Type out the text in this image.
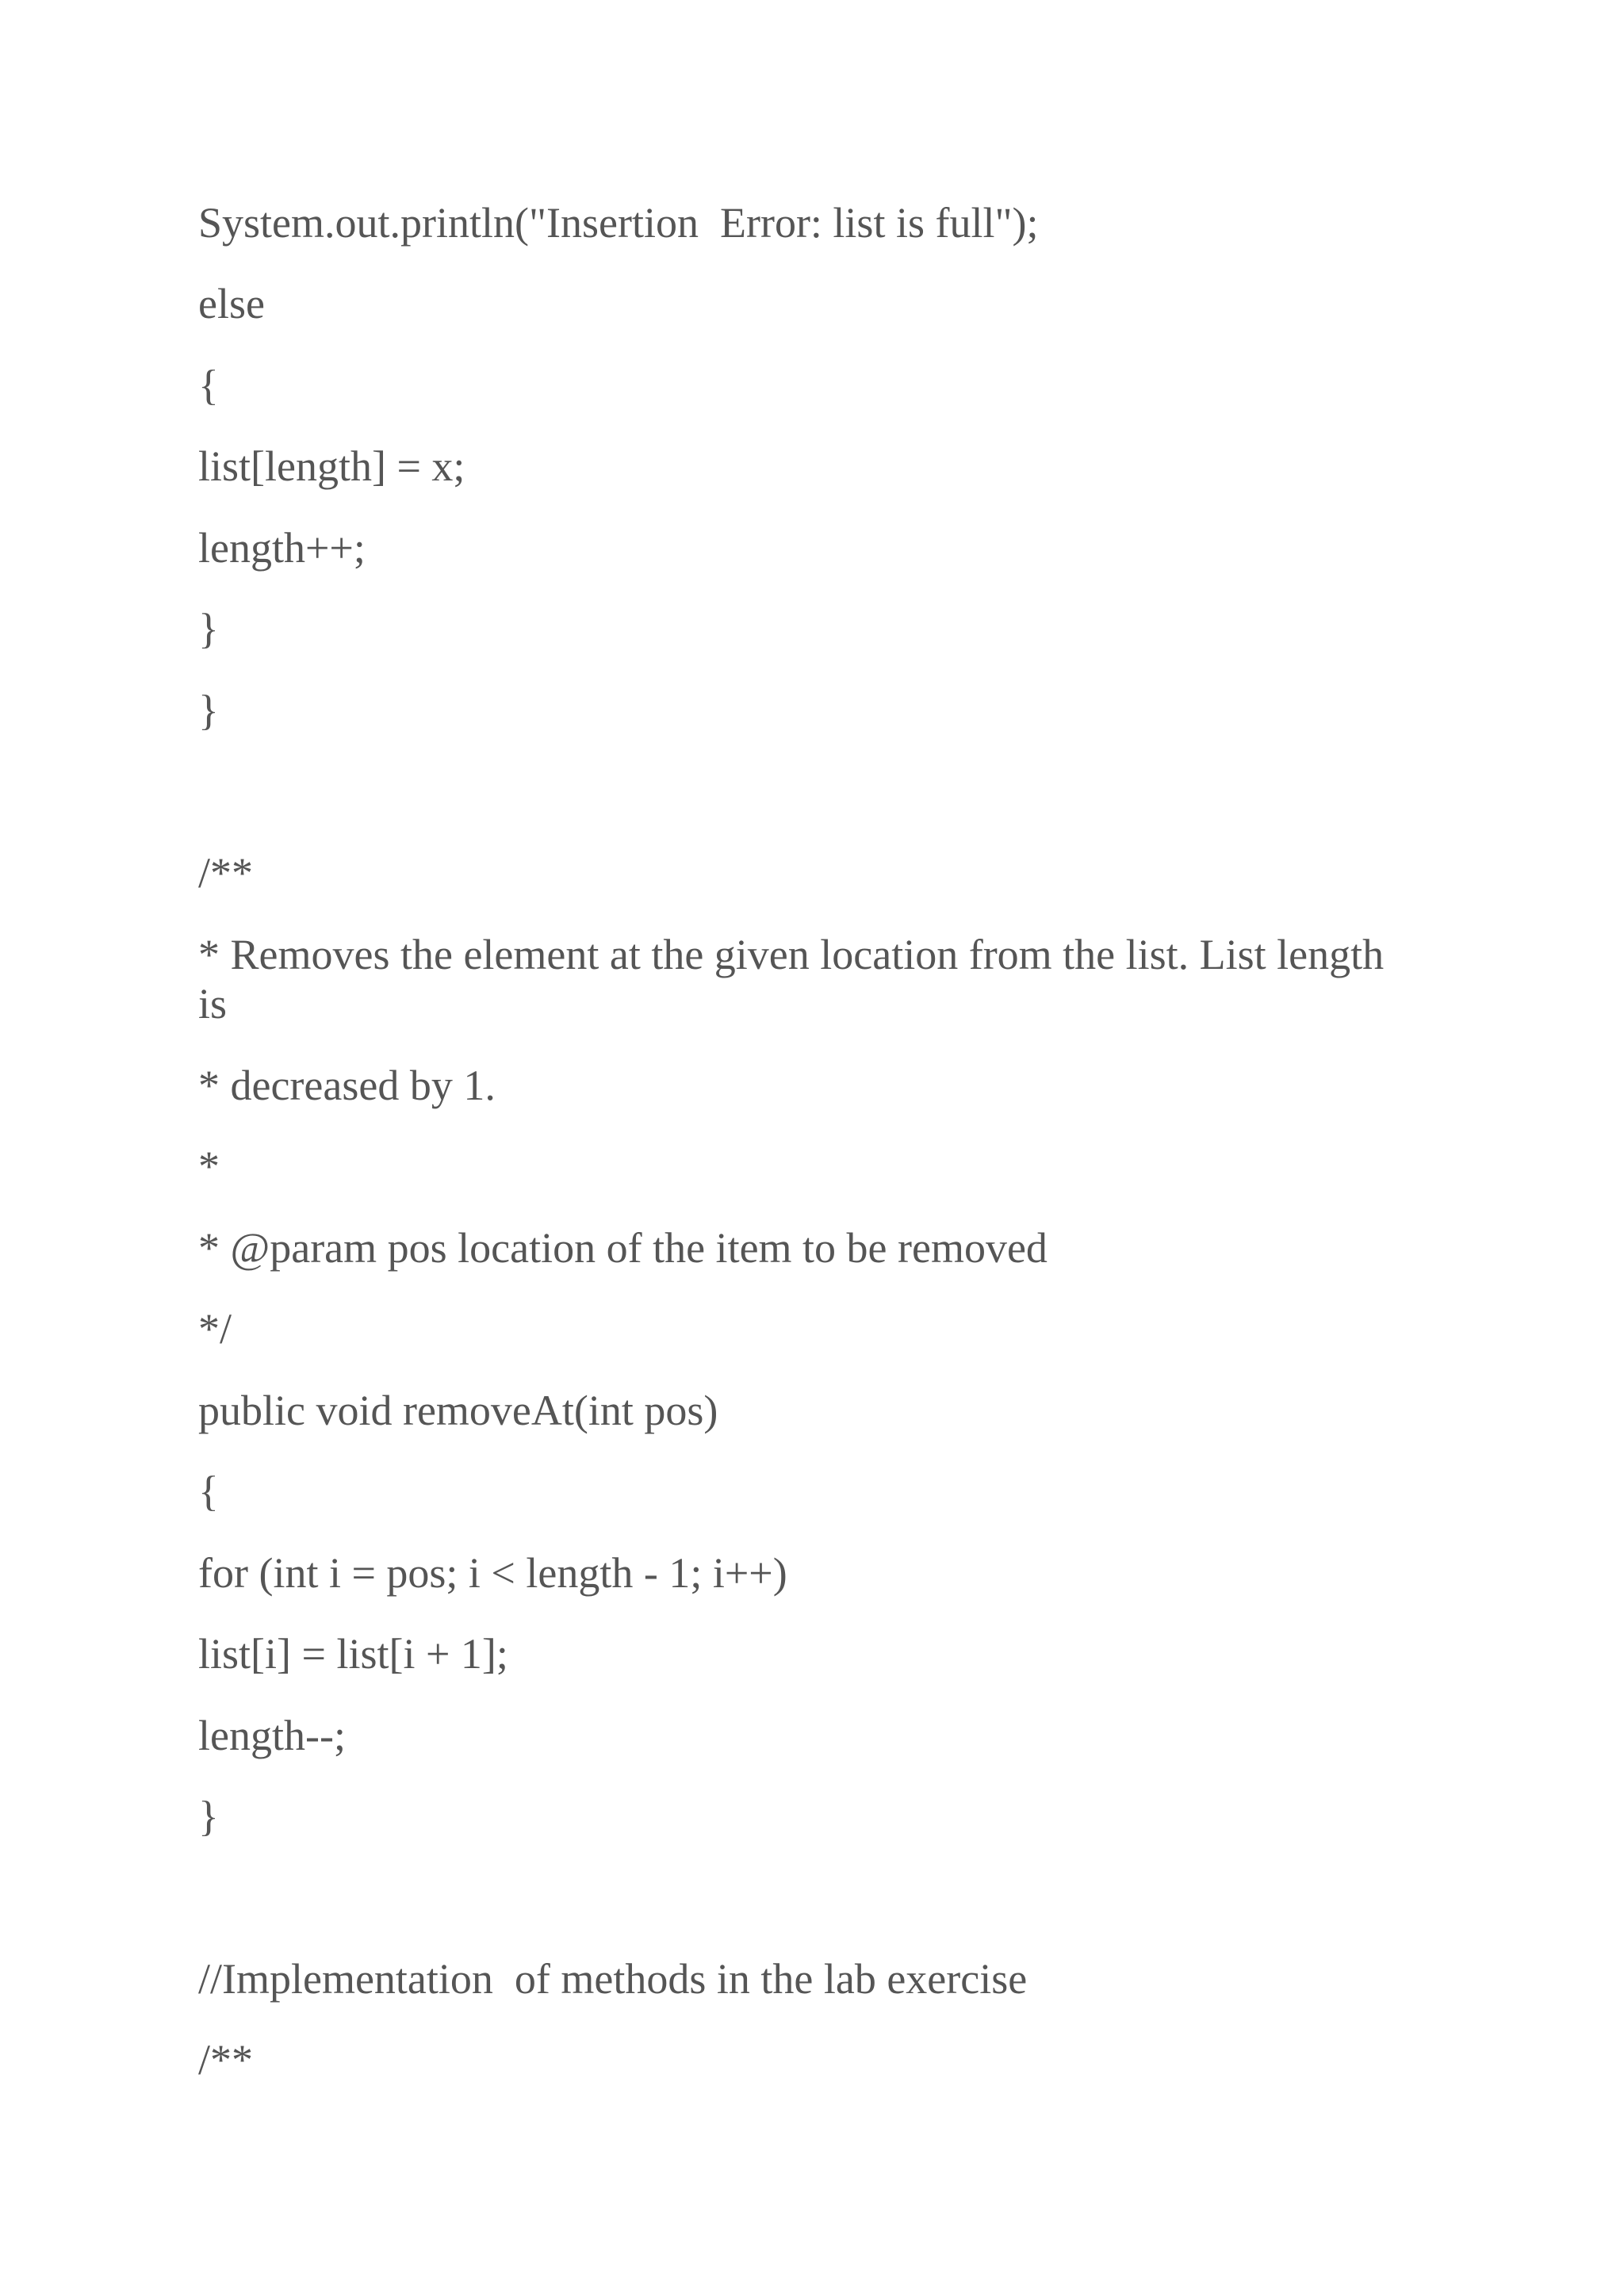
System.out.println("Insertion  Error: list is full");
else
{
list[length] = x;
length++;
}
}
/**
* Removes the element at the given location from the list. List length
is
* decreased by 1.
*
* @param pos location of the item to be removed
*/
public void removeAt(int pos)
{
for (int i = pos; i < length - 1; i++)
list[i] = list[i + 1];
length--;
}
//Implementation  of methods in the lab exercise
/**
